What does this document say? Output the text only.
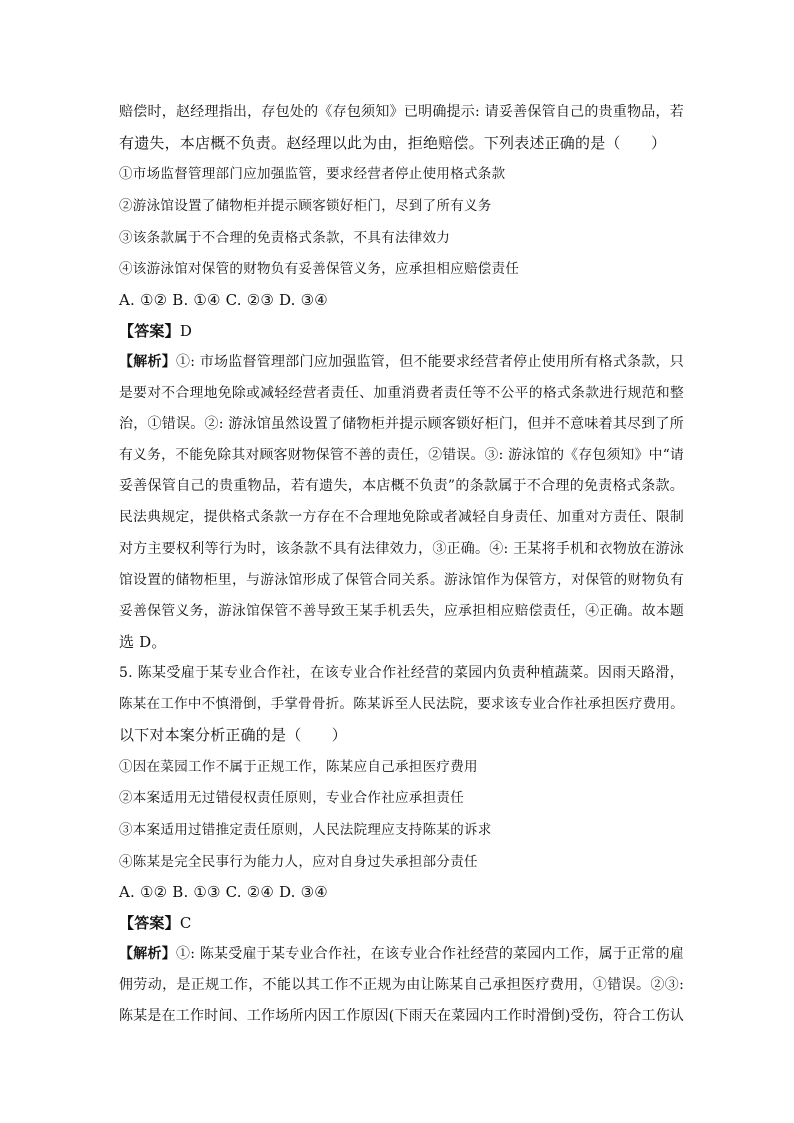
赔偿时，赵经理指出，存包处的《存包须知》已明确提示: 请妥善保管自己的贵重物品，若
有遗失，本店概不负责。赵经理以此为由，拒绝赔偿。下列表述正确的是（　　）
①市场监督管理部门应加强监管，要求经营者停止使用格式条款
②游泳馆设置了储物柜并提示顾客锁好柜门，尽到了所有义务
③该条款属于不合理的免责格式条款，不具有法律效力
④该游泳馆对保管的财物负有妥善保管义务，应承担相应赔偿责任
A. ①② B. ①④ C. ②③ D. ③④
【答案】D
【解析】①: 市场监督管理部门应加强监管，但不能要求经营者停止使用所有格式条款，只
是要对不合理地免除或减轻经营者责任、加重消费者责任等不公平的格式条款进行规范和整
治，①错误。②: 游泳馆虽然设置了储物柜并提示顾客锁好柜门，但并不意味着其尽到了所
有义务，不能免除其对顾客财物保管不善的责任，②错误。③: 游泳馆的《存包须知》中“请
妥善保管自己的贵重物品，若有遗失，本店概不负责”的条款属于不合理的免责格式条款。
民法典规定，提供格式条款一方存在不合理地免除或者减轻自身责任、加重对方责任、限制
对方主要权利等行为时，该条款不具有法律效力，③正确。④: 王某将手机和衣物放在游泳
馆设置的储物柜里，与游泳馆形成了保管合同关系。游泳馆作为保管方，对保管的财物负有
妥善保管义务，游泳馆保管不善导致王某手机丢失，应承担相应赔偿责任，④正确。故本题
选 D。
5. 陈某受雇于某专业合作社，在该专业合作社经营的菜园内负责种植蔬菜。因雨天路滑，
陈某在工作中不慎滑倒，手掌骨骨折。陈某诉至人民法院，要求该专业合作社承担医疗费用。
以下对本案分析正确的是（　　）
①因在菜园工作不属于正规工作，陈某应自己承担医疗费用
②本案适用无过错侵权责任原则，专业合作社应承担责任
③本案适用过错推定责任原则，人民法院理应支持陈某的诉求
④陈某是完全民事行为能力人，应对自身过失承担部分责任
A. ①② B. ①③ C. ②④ D. ③④
【答案】C
【解析】①: 陈某受雇于某专业合作社，在该专业合作社经营的菜园内工作，属于正常的雇
佣劳动，是正规工作，不能以其工作不正规为由让陈某自己承担医疗费用，①错误。②③:
陈某是在工作时间、工作场所内因工作原因(下雨天在菜园内工作时滑倒)受伤，符合工伤认
